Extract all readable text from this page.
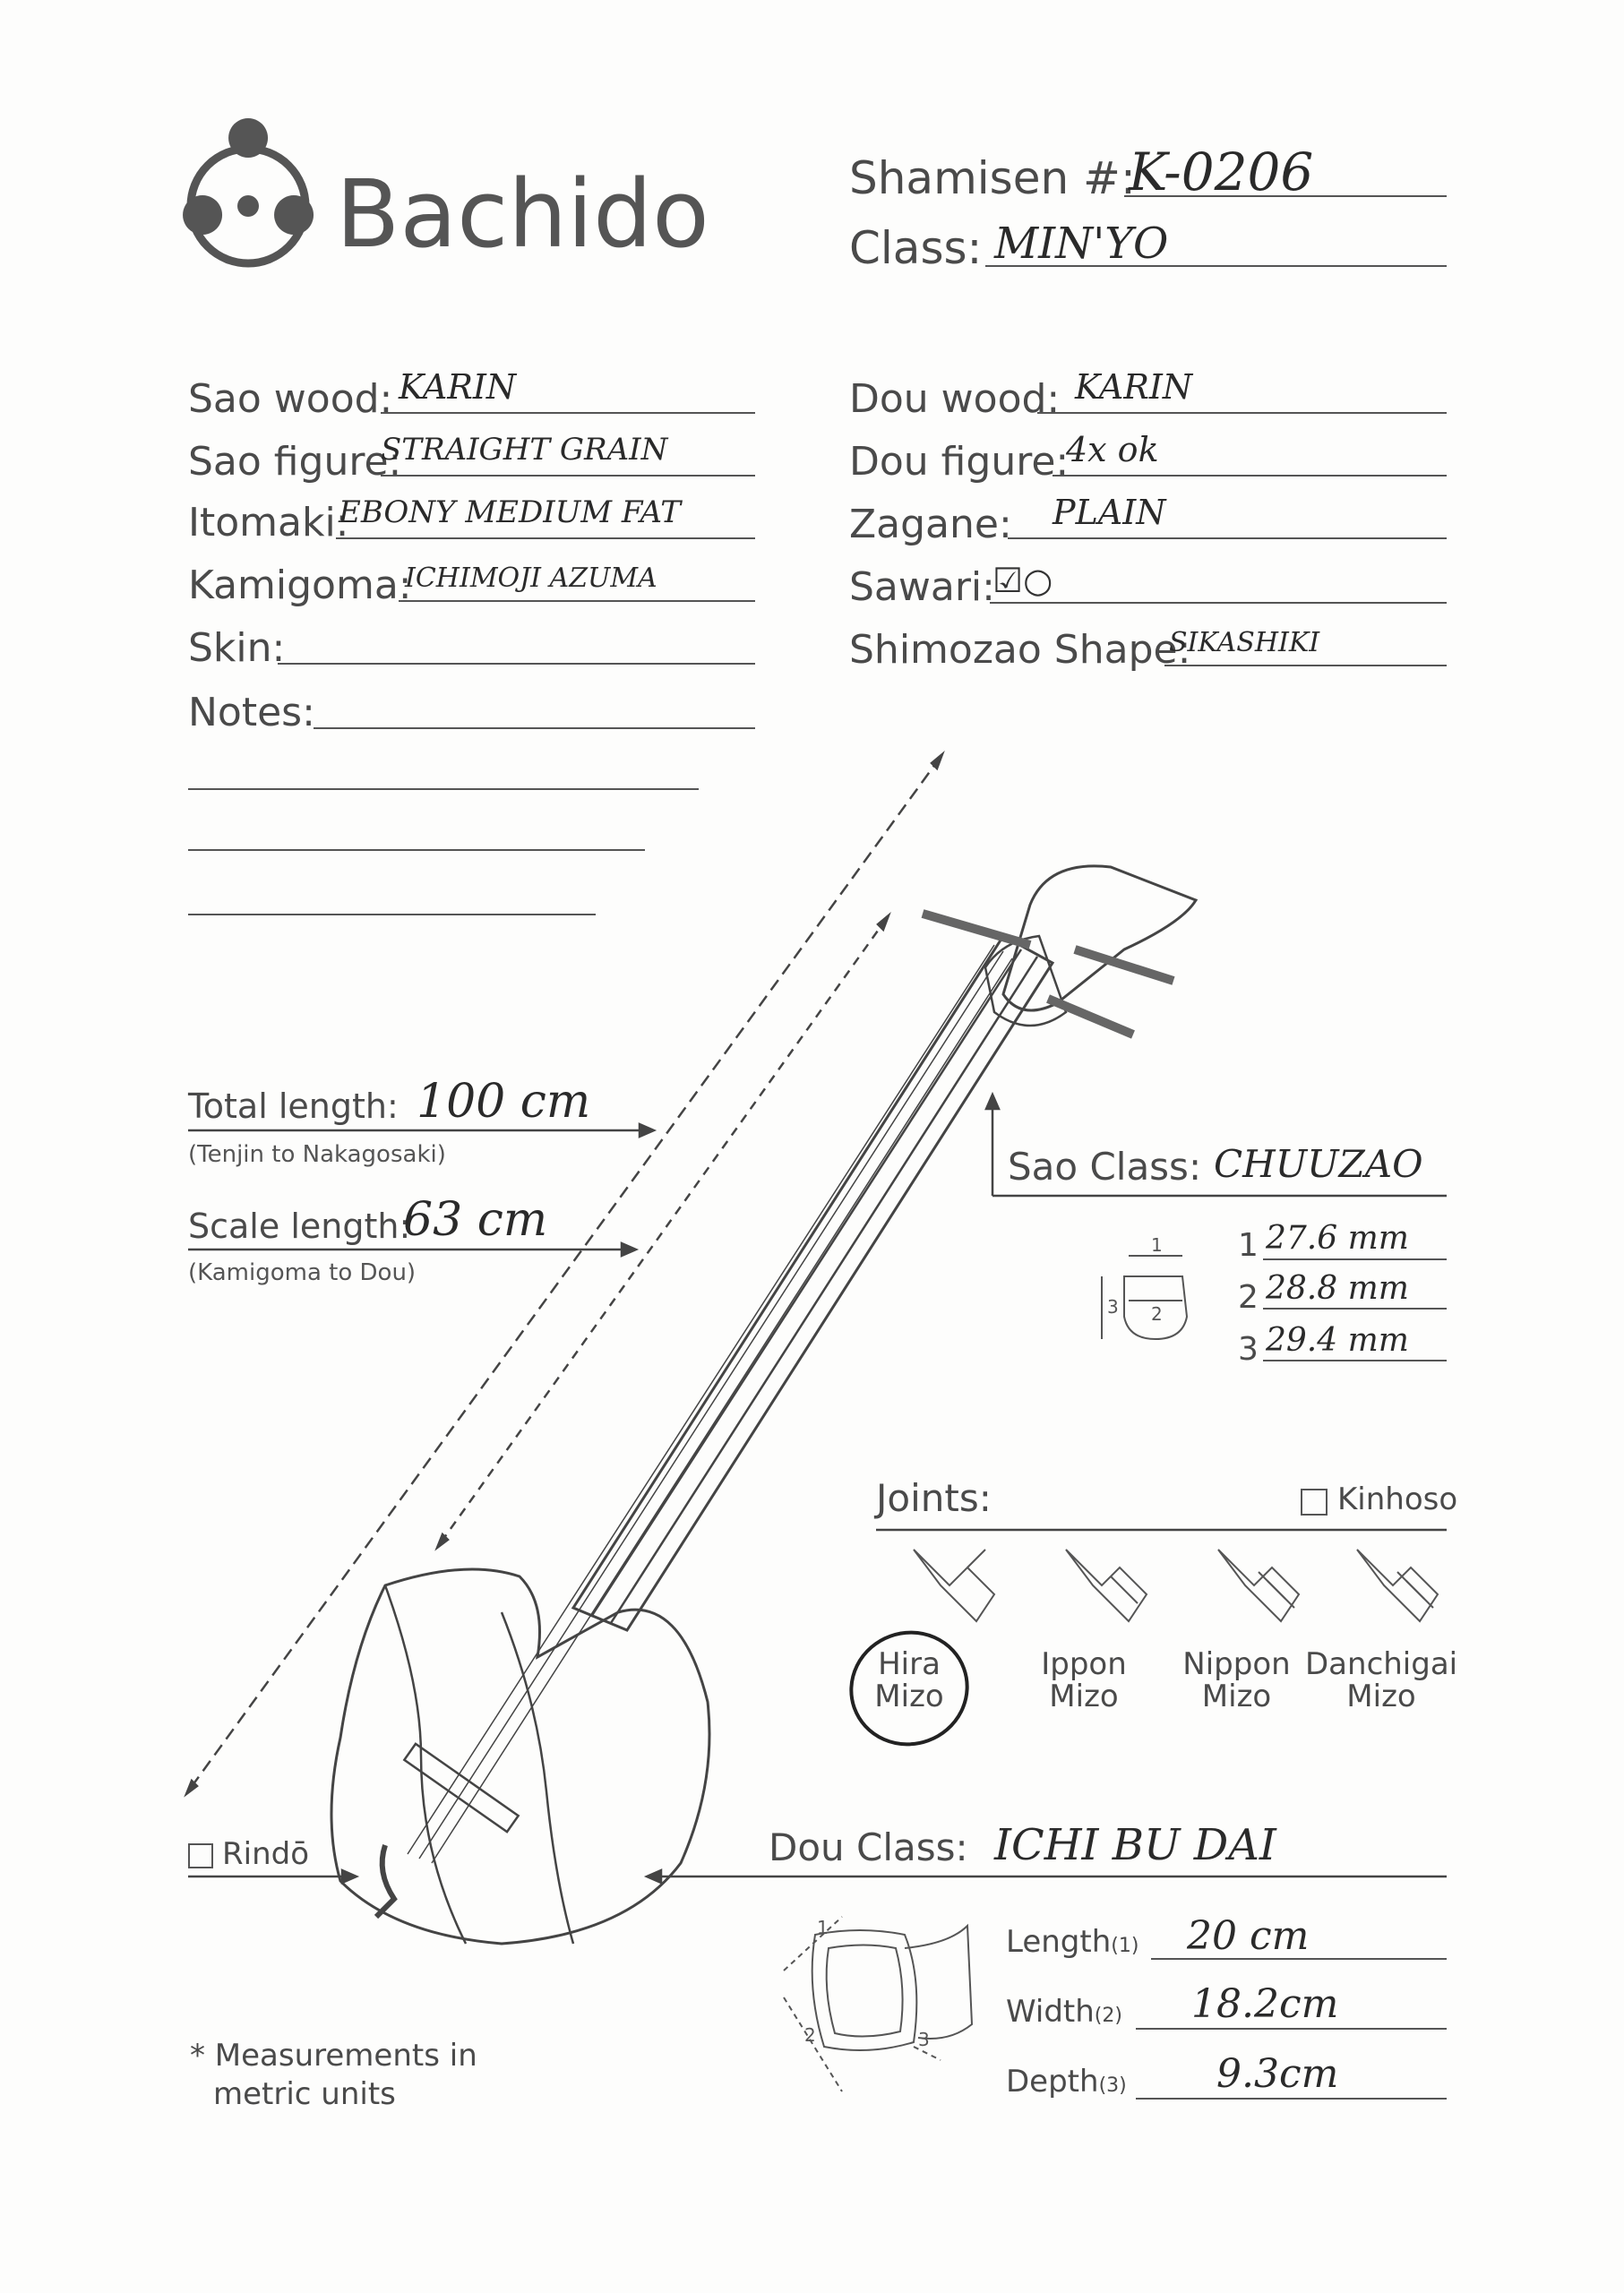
Bachido	Shamisen #:
K-0206
Class: MIN'YO
Sao wood: KARIN
Sao figure:
STRAIGHT GRAIN
Itomaki:
EBONY MEDIUM FAT
Kamigoma:
ICHIMOJI AZUMA
Skin:
Notes:
Dou wood: KARIN
Dou figure:
4x ok
Zagane: PLAIN
Sawari:
☑○
Shimozao Shape:
SIKASHIKI
Total length: 100 cm
(Tenjin to Nakagosaki)
Scale length:
63 cm
(Kamigoma to Dou)
Sao Class: CHUUZAO
1
2
3
1 27.6 mm
2 28.8 mm
3 29.4 mm
Joints:	Kinhoso
Hira
Mizo
Ippon
Mizo
Nippon
Mizo
Danchigai
Mizo
Rindō	Dou Class: ICHI BU DAI
1
2	3
Length(1) 20 cm
Width(2) 18.2cm
Depth(3) 9.3cm
* Measurements in
metric units
